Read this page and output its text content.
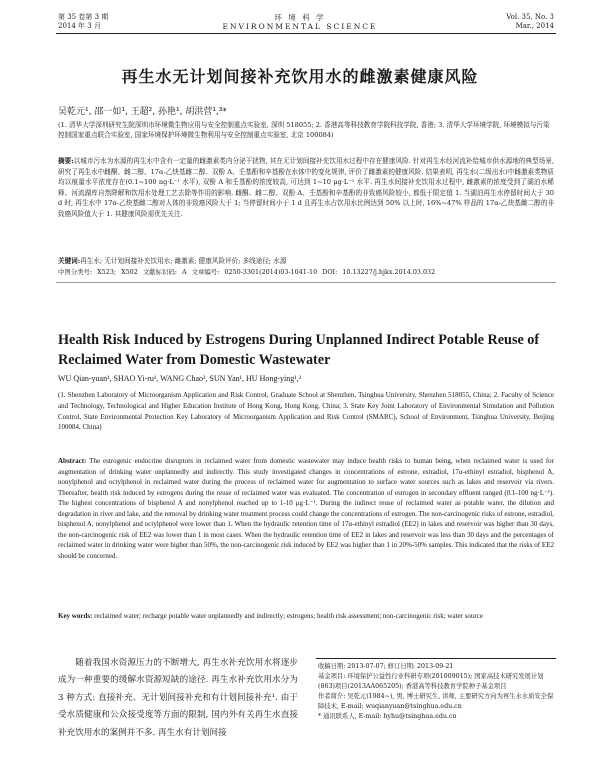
第 35 卷第 3 期
2014 年 3 月
环 境 科 学
ENVIRONMENTAL SCIENCE
Vol. 35, No. 3
Mar., 2014
再生水无计划间接补充饮用水的雌激素健康风险
吴乾元¹, 邵一如¹, 王超², 孙艳¹, 胡洪营¹,³*
(1. 清华大学深圳研究生院深圳市环境微生物应用与安全控制重点实验室, 深圳 518055; 2. 香港高等科技教育学院科技学院, 香港; 3. 清华大学环境学院, 环境模拟与污染控制国家重点联合实验室, 国家环境保护环境微生物利用与安全控制重点实验室, 北京 100084)
摘要:以城市污水为水源的再生水中含有一定量的雌激素类内分泌干扰物, 其在无计划间接补充饮用水过程中存在健康风险. 针对再生水经河流补给城市供水源地的典型场景, 研究了再生水中雌酮、雌二醇、17α-乙炔基雌二醇、双酚 A、壬基酚和辛基酚在水体中的变化规律, 评价了雌激素的健康风险. 结果表明, 再生水(二级出水)中雌激素类物质均以痕量水平浓度存在(0.1~100 ng·L⁻¹ 水平), 双酚 A 和壬基酚的浓度较高, 可达到 1~10 μg·L⁻¹ 水平. 再生水间接补充饮用水过程中, 雌激素的浓度受到了湖泊水稀释、河流湖库自然降解和饮用水处理工艺去除等作用的影响. 雌酮、雌二醇、双酚 A、壬基酚和辛基酚的非致癌风险较小, 都低于限定值 1. 当湖泊再生水停留时间大于 30 d 时, 再生水中 17α-乙炔基雌二醇对人体的非致癌风险大于 1; 当停留时间小于 1 d 且再生水占饮用水比例达到 50% 以上时, 16%~47% 样品的 17α-乙炔基雌二醇的非致癌风险值大于 1. 其健康风险需优先关注.
关键词:再生水; 无计划间接补充饮用水; 雌激素; 健康风险评价; 多线途径; 水源
中图分类号: X523; X502 文献标识码: A 文章编号: 0250-3301(2014)03-1041-10 DOI: 10.13227/j.hjkx.2014.03.032
Health Risk Induced by Estrogens During Unplanned Indirect Potable Reuse of Reclaimed Water from Domestic Wastewater
WU Qian-yuan¹, SHAO Yi-ru¹, WANG Chao², SUN Yan¹, HU Hong-ying¹,³
(1. Shenzhen Laboratory of Microorganism Application and Risk Control, Graduate School at Shenzhen, Tsinghua University, Shenzhen 518055, China; 2. Faculty of Science and Technology, Technological and Higher Education Institute of Hong Kong, Hong Kong, China; 3. State Key Joint Laboratory of Environmental Simulation and Pollution Control, State Environmental Protection Key Laboratory of Microorganism Application and Risk Control (SMARC), School of Environment, Tsinghua University, Beijing 100084, China)
Abstract: The estrogenic endocrine disruptors in reclaimed water from domestic wastewater may induce health risks to human being, when reclaimed water is used for augmentation of drinking water unplannedly and indirectly. This study investigated changes in concentrations of estrone, estradiol, 17α-ethinyl estradiol, bisphenol A, nonylphenol and octylphenol in reclaimed water during the process of reclaimed water for augmentation to surface water sources such as lakes and reservoir via rivers. Thereafter, health risk induced by estrogens during the reuse of reclaimed water was evaluated. The concentration of estrogen in secondary effluent ranged (0.1-100 ng·L⁻¹). The highest concentrations of bisphenol A and nonylphenol reached up to 1-10 μg·L⁻¹. During the indirect reuse of reclaimed water as potable water, the dilution and degradation in river and lake, and the removal by drinking water treatment process could change the concentrations of estrogen. The non-carcinogenic risks of estrone, estradiol, bisphenol A, nonylphenol and octylphenol were lower than 1. When the hydraulic retention time of 17α-ethinyl estradiol (EE2) in lakes and reservoir was higher than 30 days, the non-carcinogenic risk of EE2 was lower than 1 in most cases. When the hydraulic retention time of EE2 in lakes and reservoir was less than 30 days and the percentages of reclaimed water in drinking water were higher than 50%, the non-carcinogenic risk induced by EE2 was higher than 1 in 20%-50% samples. This indicated that the risks of EE2 should be concerned.
Key words: reclaimed water; recharge potable water unplannedly and indirectly; estrogens; health risk assessment; non-carcinogenic risk; water source
随着我国水资源压力的不断增大, 再生水补充饮用水将逐步成为一种重要的缓解水资源短缺的途径. 再生水补充饮用水分为 3 种方式: 直接补充、无计划间接补充和有计划间接补充¹. 由于受水质健康和公众接受度等方面的限制, 国内外有关再生水直接补充饮用水的案例并不多. 再生水有计划间接
收稿日期: 2013-07-07; 修订日期: 2013-09-21
基金项目: 环境保护公益性行业科研专项(201009015); 国家高技术研究发展计划(863)项目(2013AA065205); 香港高等科技教育学院种子基金项目
作者简介: 吴乾元(1984~), 男, 博士研究生, 讲师, 主要研究方向为再生水水质安全保障技术, E-mail: wuqianyuan@tsinghua.edu.cn
* 通讯联系人, E-mail: hyhu@tsinghua.edu.cn
